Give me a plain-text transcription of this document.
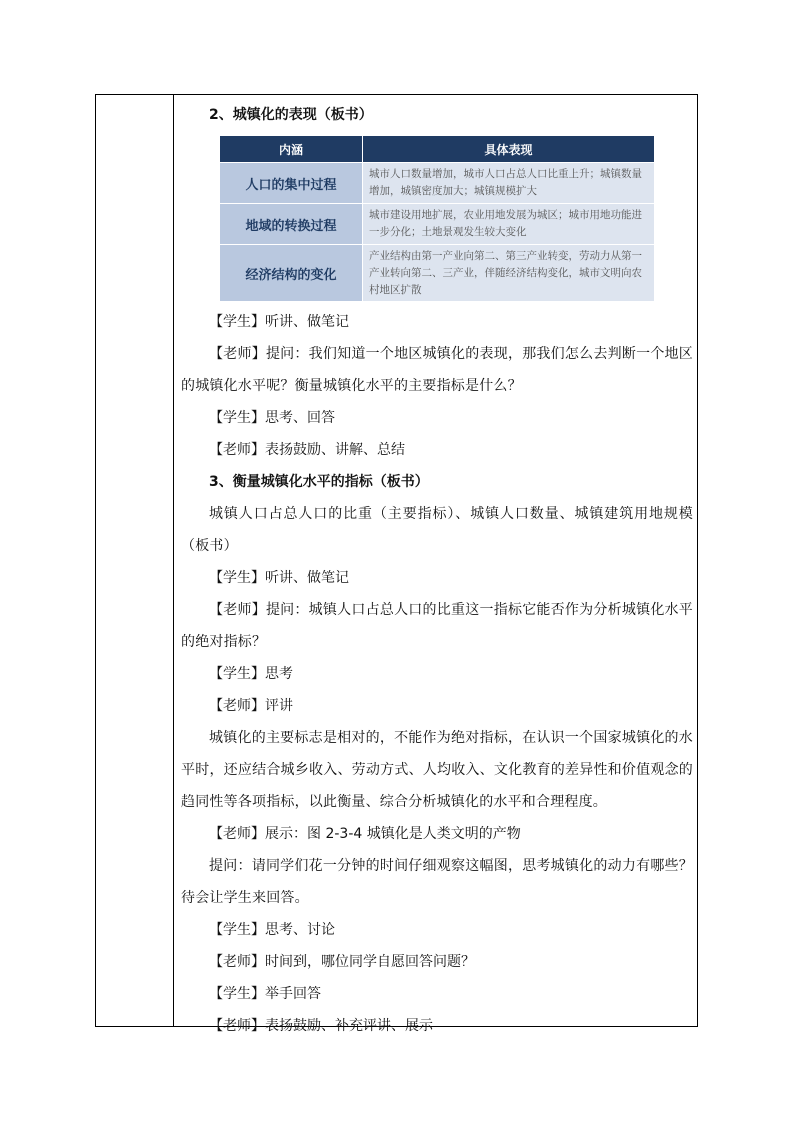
2、城镇化的表现（板书）
内涵	具体表现
人口的集中过程	城市人口数量增加，城市人口占总人口比重上升；城镇数量增加，城镇密度加大；城镇规模扩大
地域的转换过程	城市建设用地扩展，农业用地发展为城区；城市用地功能进一步分化；土地景观发生较大变化
经济结构的变化	产业结构由第一产业向第二、第三产业转变，劳动力从第一产业转向第二、三产业，伴随经济结构变化，城市文明向农村地区扩散
【学生】听讲、做笔记
【老师】提问：我们知道一个地区城镇化的表现，那我们怎么去判断一个地区的城镇化水平呢？衡量城镇化水平的主要指标是什么？
【学生】思考、回答
【老师】表扬鼓励、讲解、总结
3、衡量城镇化水平的指标（板书）
城镇人口占总人口的比重（主要指标）、城镇人口数量、城镇建筑用地规模（板书）
【学生】听讲、做笔记
【老师】提问：城镇人口占总人口的比重这一指标它能否作为分析城镇化水平的绝对指标？
【学生】思考
【老师】评讲
城镇化的主要标志是相对的，不能作为绝对指标，在认识一个国家城镇化的水平时，还应结合城乡收入、劳动方式、人均收入、文化教育的差异性和价值观念的趋同性等各项指标，以此衡量、综合分析城镇化的水平和合理程度。
【老师】展示：图 2-3-4 城镇化是人类文明的产物
提问：请同学们花一分钟的时间仔细观察这幅图，思考城镇化的动力有哪些？待会让学生来回答。
【学生】思考、讨论
【老师】时间到，哪位同学自愿回答问题？
【学生】举手回答
【老师】表扬鼓励、补充评讲、展示
